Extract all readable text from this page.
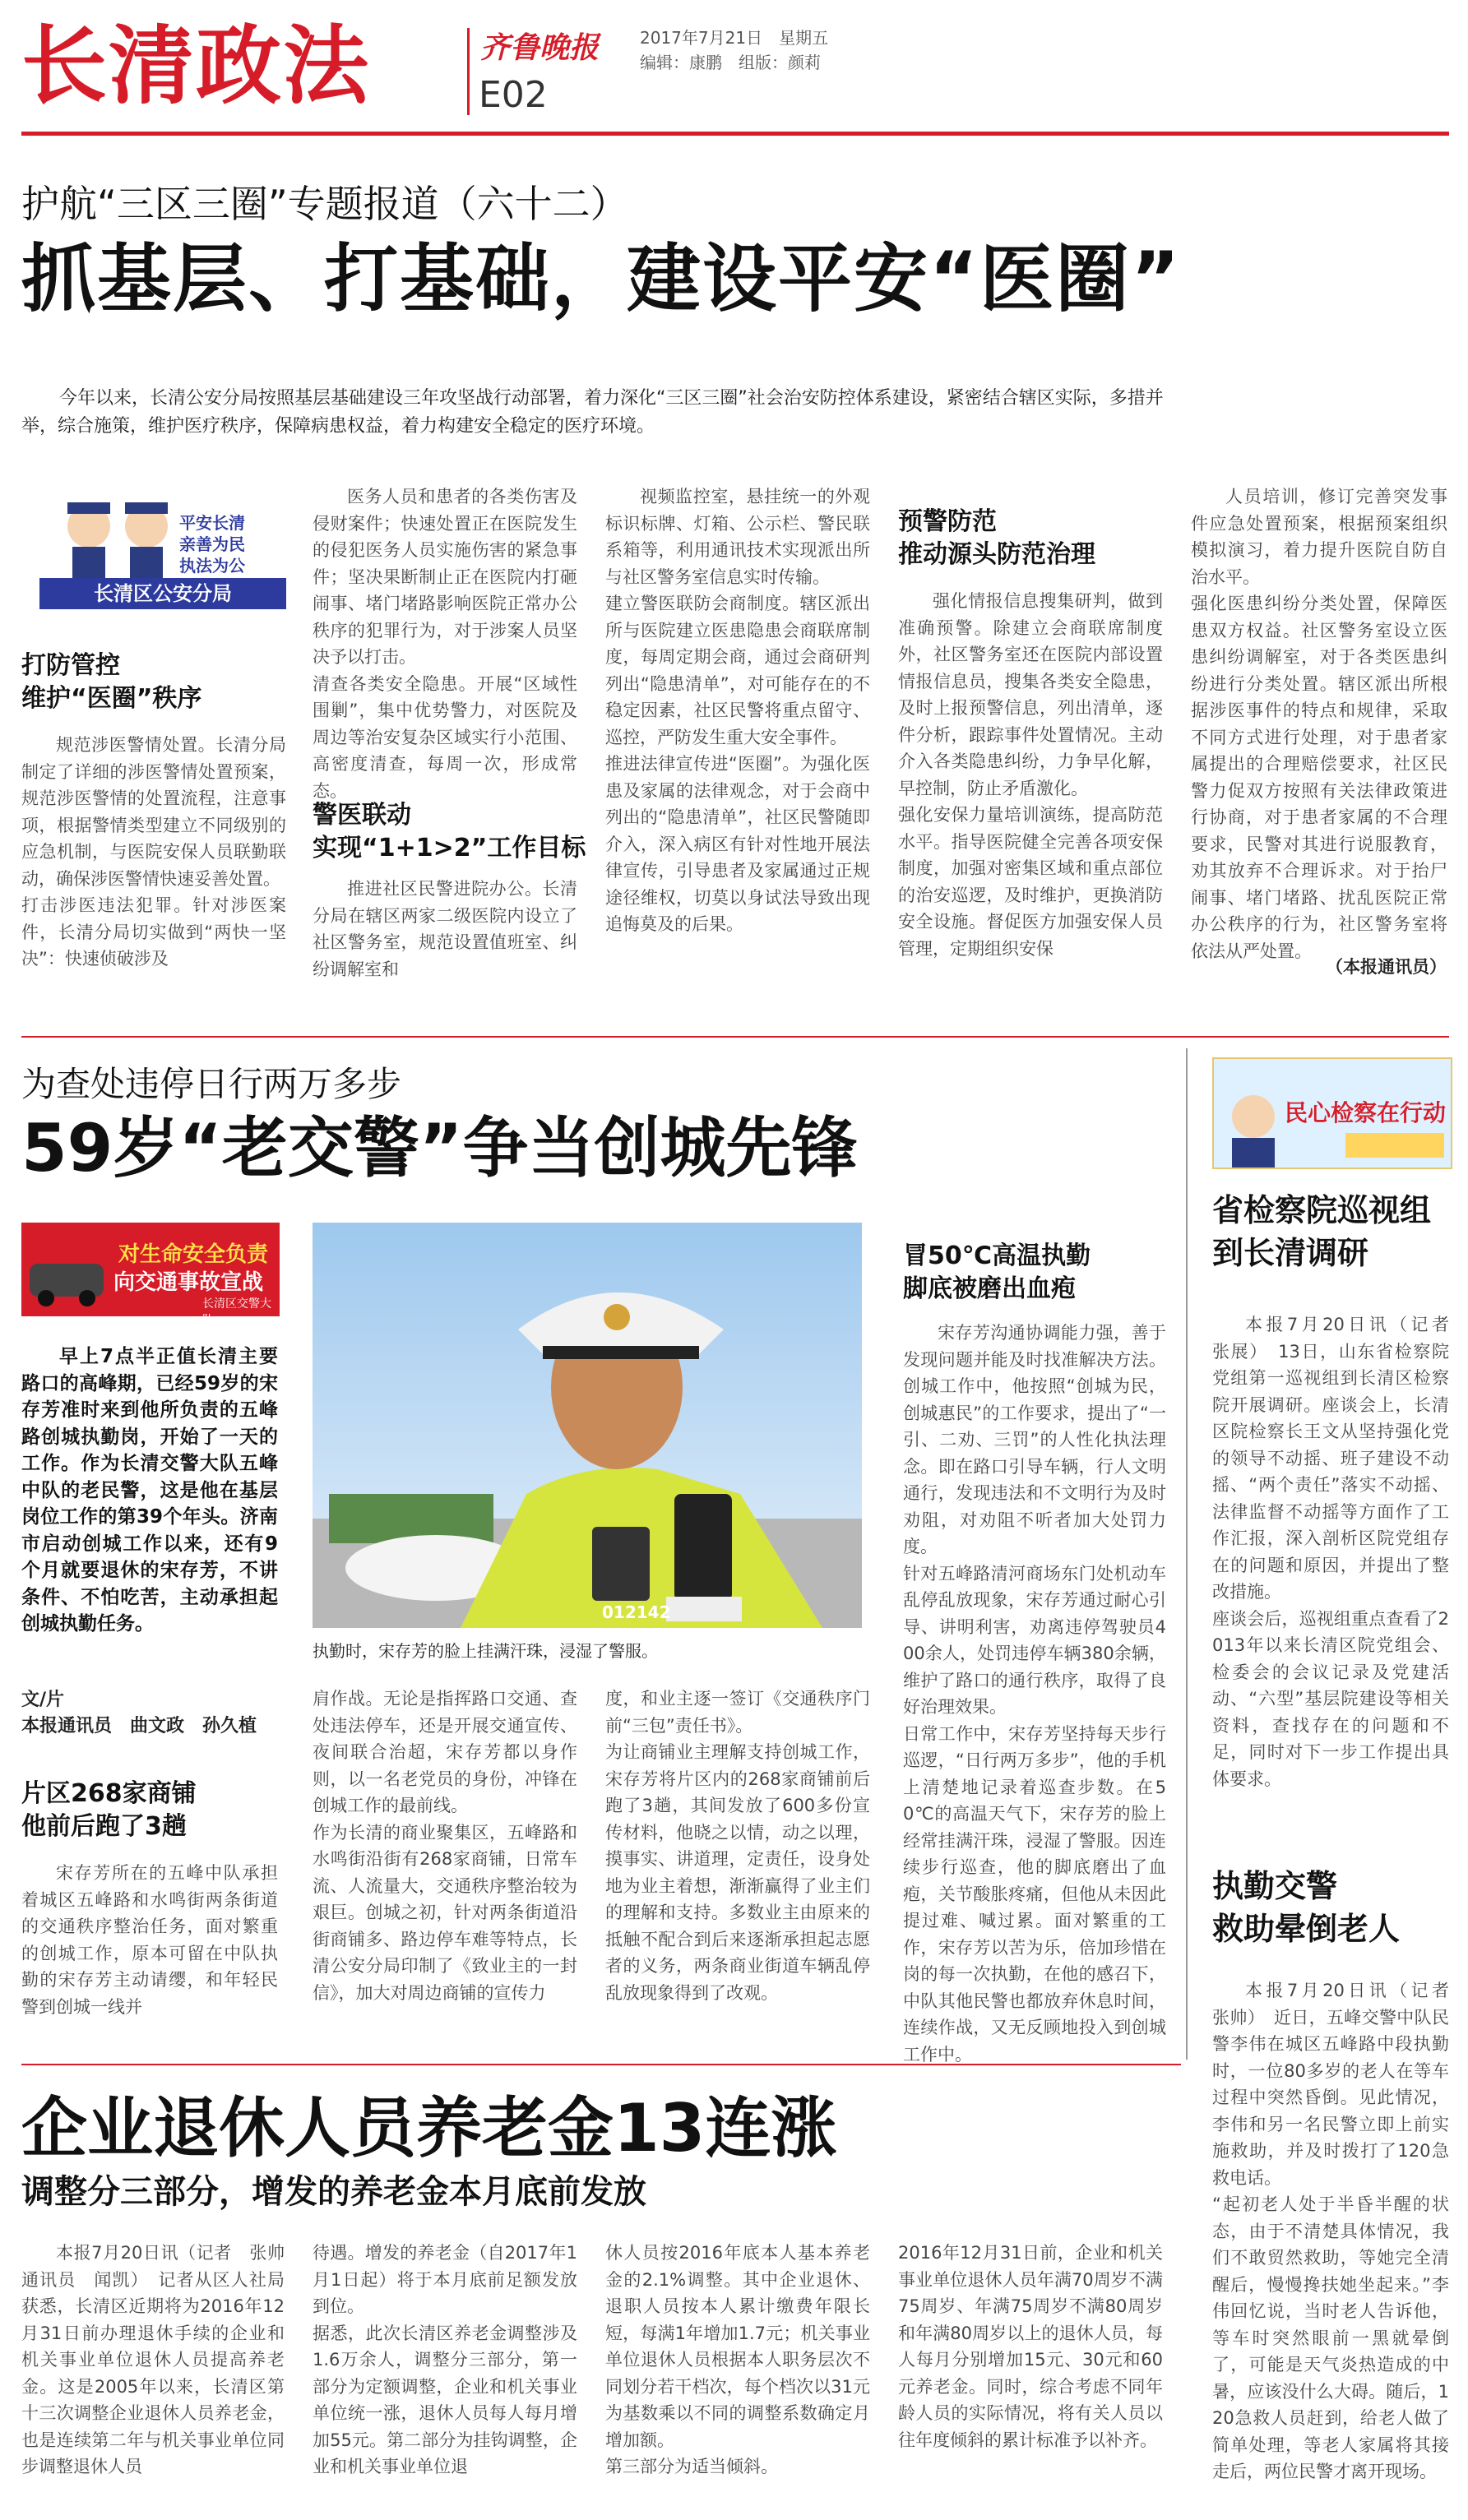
长清政法	齐鲁晚报 2017年7月21日　星期五
编辑：康鹏　组版：颜莉
E02
护航“三区三圈”专题报道（六十二）
抓基层、打基础，建设平安“医圈”
今年以来，长清公安分局按照基层基础建设三年攻坚战行动部署，着力深化“三区三圈”社会治安防控体系建设，紧密结合辖区实际，多措并举，综合施策，维护医疗秩序，保障病患权益，着力构建安全稳定的医疗环境。
平安长清
亲善为民
执法为公
长清区公安分局
打防管控
维护“医圈”秩序
规范涉医警情处置。长清分局制定了详细的涉医警情处置预案，规范涉医警情的处置流程，注意事项，根据警情类型建立不同级别的应急机制，与医院安保人员联勤联动，确保涉医警情快速妥善处置。
打击涉医违法犯罪。针对涉医案件，长清分局切实做到“两快一坚决”：快速侦破涉及
医务人员和患者的各类伤害及侵财案件；快速处置正在医院发生的侵犯医务人员实施伤害的紧急事件；坚决果断制止正在医院内打砸闹事、堵门堵路影响医院正常办公秩序的犯罪行为，对于涉案人员坚决予以打击。
清查各类安全隐患。开展“区域性围剿”，集中优势警力，对医院及周边等治安复杂区域实行小范围、高密度清查，每周一次，形成常态。
警医联动
实现“1+1>2”工作目标
推进社区民警进院办公。长清分局在辖区两家二级医院内设立了社区警务室，规范设置值班室、纠纷调解室和
视频监控室，悬挂统一的外观标识标牌、灯箱、公示栏、警民联系箱等，利用通讯技术实现派出所与社区警务室信息实时传输。
建立警医联防会商制度。辖区派出所与医院建立医患隐患会商联席制度，每周定期会商，通过会商研判列出“隐患清单”，对可能存在的不稳定因素，社区民警将重点留守、巡控，严防发生重大安全事件。
推进法律宣传进“医圈”。为强化医患及家属的法律观念，对于会商中列出的“隐患清单”，社区民警随即介入，深入病区有针对性地开展法律宣传，引导患者及家属通过正规途径维权，切莫以身试法导致出现追悔莫及的后果。
预警防范
推动源头防范治理
强化情报信息搜集研判，做到准确预警。除建立会商联席制度外，社区警务室还在医院内部设置情报信息员，搜集各类安全隐患，及时上报预警信息，列出清单，逐件分析，跟踪事件处置情况。主动介入各类隐患纠纷，力争早化解，早控制，防止矛盾激化。
强化安保力量培训演练，提高防范水平。指导医院健全完善各项安保制度，加强对密集区域和重点部位的治安巡逻，及时维护，更换消防安全设施。督促医方加强安保人员管理，定期组织安保
人员培训，修订完善突发事件应急处置预案，根据预案组织模拟演习，着力提升医院自防自治水平。
强化医患纠纷分类处置，保障医患双方权益。社区警务室设立医患纠纷调解室，对于各类医患纠纷进行分类处置。辖区派出所根据涉医事件的特点和规律，采取不同方式进行处理，对于患者家属提出的合理赔偿要求，社区民警力促双方按照有关法律政策进行协商，对于患者家属的不合理要求，民警对其进行说服教育，劝其放弃不合理诉求。对于抬尸闹事、堵门堵路、扰乱医院正常办公秩序的行为，社区警务室将依法从严处置。
（本报通讯员）
为查处违停日行两万多步
59岁“老交警”争当创城先锋
对生命安全负责
向交通事故宣战
长清区交警大队
早上7点半正值长清主要路口的高峰期，已经59岁的宋存芳准时来到他所负责的五峰路创城执勤岗，开始了一天的工作。作为长清交警大队五峰中队的老民警，这是他在基层岗位工作的第39个年头。济南市启动创城工作以来，还有9个月就要退休的宋存芳，不讲条件、不怕吃苦，主动承担起创城执勤任务。
文/片
本报通讯员　曲文政　孙久植
012142
执勤时，宋存芳的脸上挂满汗珠，浸湿了警服。
片区268家商铺
他前后跑了3趟
宋存芳所在的五峰中队承担着城区五峰路和水鸣街两条街道的交通秩序整治任务，面对繁重的创城工作，原本可留在中队执勤的宋存芳主动请缨，和年轻民警到创城一线并
肩作战。无论是指挥路口交通、查处违法停车，还是开展交通宣传、夜间联合治超，宋存芳都以身作则，以一名老党员的身份，冲锋在创城工作的最前线。
作为长清的商业聚集区，五峰路和水鸣街沿街有268家商铺，日常车流、人流量大，交通秩序整治较为艰巨。创城之初，针对两条街道沿街商铺多、路边停车难等特点，长清公安分局印制了《致业主的一封信》，加大对周边商铺的宣传力
度，和业主逐一签订《交通秩序门前“三包”责任书》。
为让商铺业主理解支持创城工作，宋存芳将片区内的268家商铺前后跑了3趟，其间发放了600多份宣传材料，他晓之以情，动之以理，摸事实、讲道理，定责任，设身处地为业主着想，渐渐赢得了业主们的理解和支持。多数业主由原来的抵触不配合到后来逐渐承担起志愿者的义务，两条商业街道车辆乱停乱放现象得到了改观。
冒50℃高温执勤
脚底被磨出血疱
宋存芳沟通协调能力强，善于发现问题并能及时找准解决方法。创城工作中，他按照“创城为民，创城惠民”的工作要求，提出了“一引、二劝、三罚”的人性化执法理念。即在路口引导车辆，行人文明通行，发现违法和不文明行为及时劝阻，对劝阻不听者加大处罚力度。
针对五峰路清河商场东门处机动车乱停乱放现象，宋存芳通过耐心引导、讲明利害，劝离违停驾驶员400余人，处罚违停车辆380余辆，维护了路口的通行秩序，取得了良好治理效果。
日常工作中，宋存芳坚持每天步行巡逻，“日行两万多步”，他的手机上清楚地记录着巡查步数。在50℃的高温天气下，宋存芳的脸上经常挂满汗珠，浸湿了警服。因连续步行巡查，他的脚底磨出了血疱，关节酸胀疼痛，但他从未因此提过难、喊过累。面对繁重的工作，宋存芳以苦为乐，倍加珍惜在岗的每一次执勤，在他的感召下，中队其他民警也都放弃休息时间，连续作战，又无反顾地投入到创城工作中。
民心检察在行动
省检察院巡视组
到长清调研
本报7月20日讯（记者　张展）　13日，山东省检察院党组第一巡视组到长清区检察院开展调研。座谈会上，长清区院检察长王文从坚持强化党的领导不动摇、班子建设不动摇、“两个责任”落实不动摇、法律监督不动摇等方面作了工作汇报，深入剖析区院党组存在的问题和原因，并提出了整改措施。
座谈会后，巡视组重点查看了2013年以来长清区院党组会、检委会的会议记录及党建活动、“六型”基层院建设等相关资料，查找存在的问题和不足，同时对下一步工作提出具体要求。
执勤交警
救助晕倒老人
本报7月20日讯（记者　张帅）　近日，五峰交警中队民警李伟在城区五峰路中段执勤时，一位80多岁的老人在等车过程中突然昏倒。见此情况，李伟和另一名民警立即上前实施救助，并及时拨打了120急救电话。
“起初老人处于半昏半醒的状态，由于不清楚具体情况，我们不敢贸然救助，等她完全清醒后，慢慢搀扶她坐起来。”李伟回忆说，当时老人告诉他，等车时突然眼前一黑就晕倒了，可能是天气炎热造成的中暑，应该没什么大碍。随后，120急救人员赶到，给老人做了简单处理，等老人家属将其接走后，两位民警才离开现场。
企业退休人员养老金13连涨
调整分三部分，增发的养老金本月底前发放
本报7月20日讯（记者　张帅　通讯员　闻凯）　记者从区人社局获悉，长清区近期将为2016年12月31日前办理退休手续的企业和机关事业单位退休人员提高养老金。这是2005年以来，长清区第十三次调整企业退休人员养老金，也是连续第二年与机关事业单位同步调整退休人员
待遇。增发的养老金（自2017年1月1日起）将于本月底前足额发放到位。
据悉，此次长清区养老金调整涉及1.6万余人，调整分三部分，第一部分为定额调整，企业和机关事业单位统一涨，退休人员每人每月增加55元。第二部分为挂钩调整，企业和机关事业单位退
休人员按2016年底本人基本养老金的2.1%调整。其中企业退休、退职人员按本人累计缴费年限长短，每满1年增加1.7元；机关事业单位退休人员根据本人职务层次不同划分若干档次，每个档次以31元为基数乘以不同的调整系数确定月增加额。
第三部分为适当倾斜。
2016年12月31日前，企业和机关事业单位退休人员年满70周岁不满75周岁、年满75周岁不满80周岁和年满80周岁以上的退休人员，每人每月分别增加15元、30元和60元养老金。同时，综合考虑不同年龄人员的实际情况，将有关人员以往年度倾斜的累计标准予以补齐。
